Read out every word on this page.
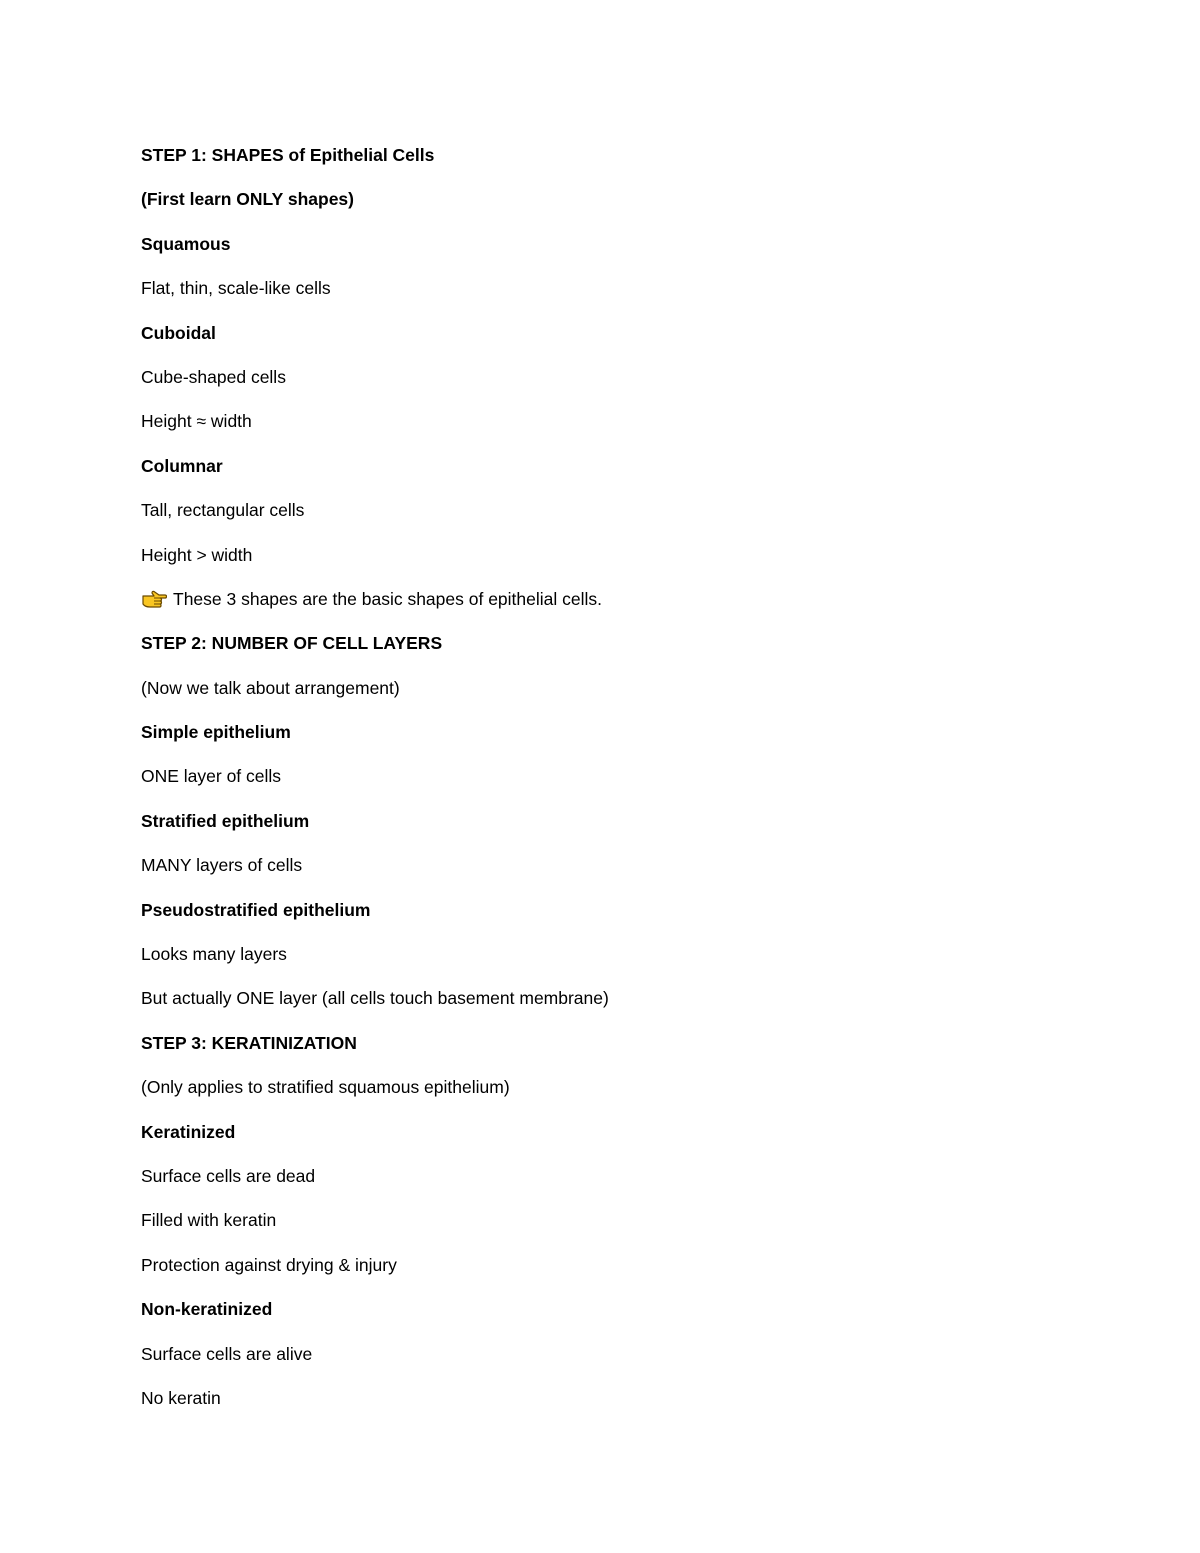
STEP 1: SHAPES of Epithelial Cells
(First learn ONLY shapes)
Squamous
Flat, thin, scale-like cells
Cuboidal
Cube-shaped cells
Height ≈ width
Columnar
Tall, rectangular cells
Height > width
These 3 shapes are the basic shapes of epithelial cells.
STEP 2: NUMBER OF CELL LAYERS
(Now we talk about arrangement)
Simple epithelium
ONE layer of cells
Stratified epithelium
MANY layers of cells
Pseudostratified epithelium
Looks many layers
But actually ONE layer (all cells touch basement membrane)
STEP 3: KERATINIZATION
(Only applies to stratified squamous epithelium)
Keratinized
Surface cells are dead
Filled with keratin
Protection against drying & injury
Non-keratinized
Surface cells are alive
No keratin
